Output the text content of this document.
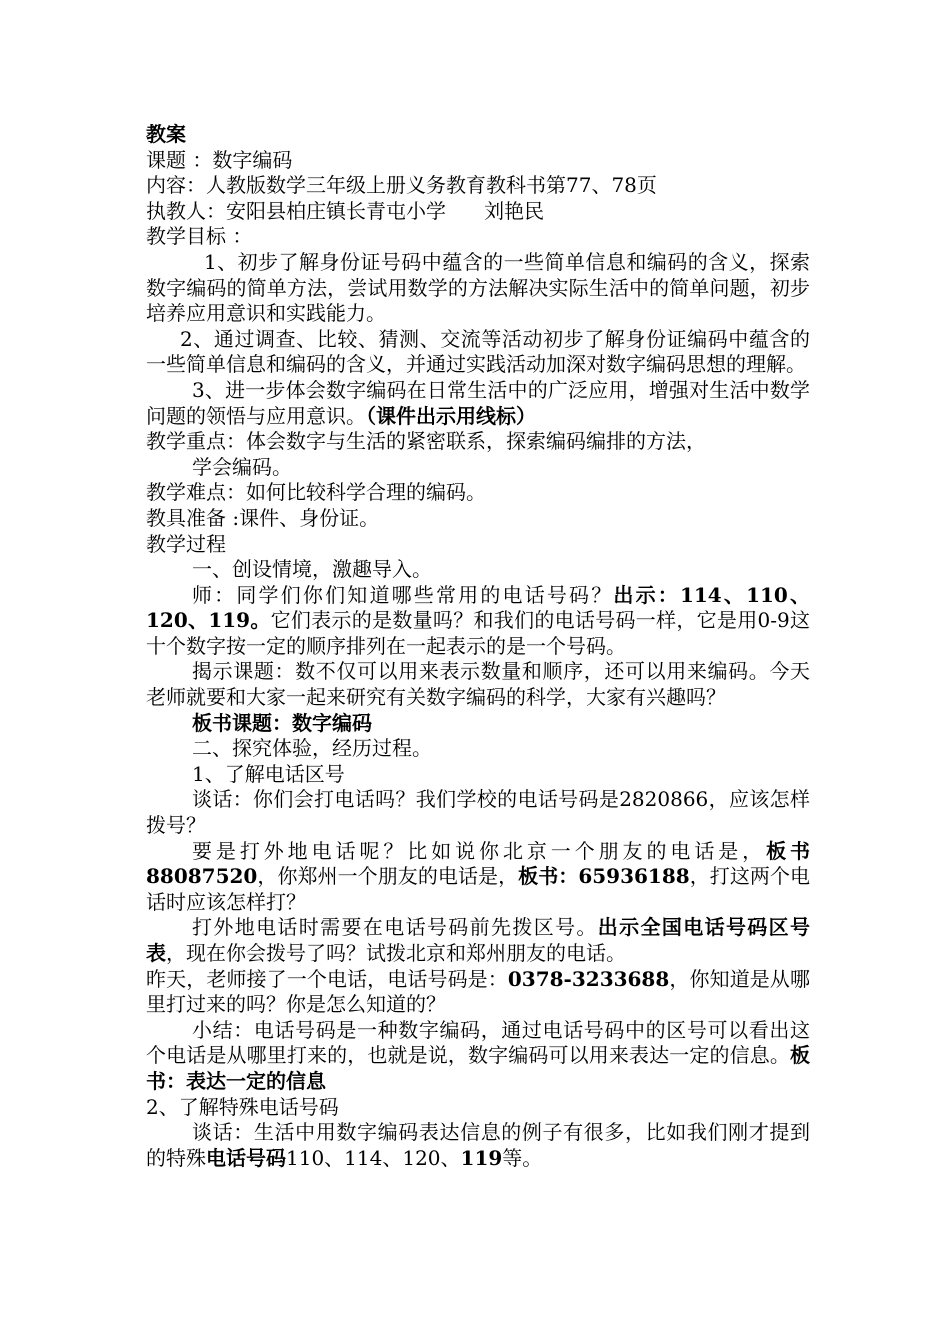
教案

课题 ：数字编码

内容：人教版数学三年级上册义务教育教科书第77、78页

执教人：安阳县柏庄镇长青屯小学      刘艳民

教学目标 ：

1、初步了解身份证号码中蕴含的一些简单信息和编码的含义，探索数字编码的简单方法，尝试用数学的方法解决实际生活中的简单问题，初步培养应用意识和实践能力。

2、通过调查、比较、猜测、交流等活动初步了解身份证编码中蕴含的一些简单信息和编码的含义，并通过实践活动加深对数字编码思想的理解。

3、进一步体会数字编码在日常生活中的广泛应用，增强对生活中数学问题的领悟与应用意识。（课件出示用线标）

教学重点：体会数字与生活的紧密联系，探索编码编排的方法，

学会编码。

教学难点：如何比较科学合理的编码。

教具准备 :课件、身份证。

教学过程

一、创设情境，激趣导入。

师：同学们你们知道哪些常用的电话号码？出示：114、110、120、119。它们表示的是数量吗？和我们的电话号码一样，它是用0-9这十个数字按一定的顺序排列在一起表示的是一个号码。

揭示课题：数不仅可以用来表示数量和顺序，还可以用来编码。今天老师就要和大家一起来研究有关数字编码的科学，大家有兴趣吗？

板书课题：数字编码

二、探究体验，经历过程。

1、了解电话区号

谈话：你们会打电话吗？我们学校的电话号码是2820866，应该怎样拨号？

要是打外地电话呢？比如说你北京一个朋友的电话是，板书88087520，你郑州一个朋友的电话是，板书：65936188，打这两个电话时应该怎样打？

打外地电话时需要在电话号码前先拨区号。出示全国电话号码区号表，现在你会拨号了吗？试拨北京和郑州朋友的电话。

昨天，老师接了一个电话，电话号码是：0378-3233688，你知道是从哪里打过来的吗？你是怎么知道的？

小结：电话号码是一种数字编码，通过电话号码中的区号可以看出这个电话是从哪里打来的，也就是说，数字编码可以用来表达一定的信息。板书：表达一定的信息

2、了解特殊电话号码

谈话：生活中用数字编码表达信息的例子有很多，比如我们刚才提到的特殊电话号码110、114、120、119等。
